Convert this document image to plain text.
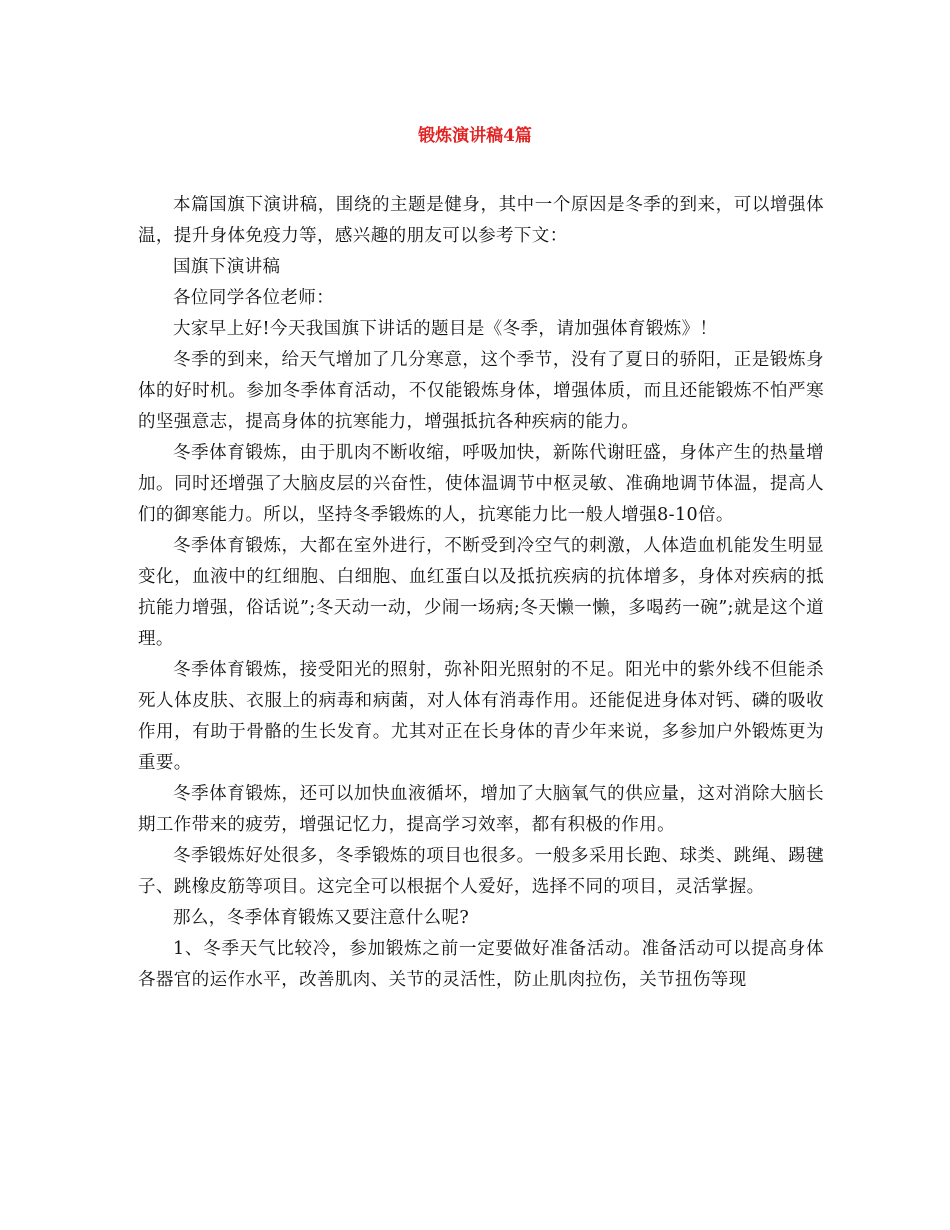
锻炼演讲稿4篇

本篇国旗下演讲稿，围绕的主题是健身，其中一个原因是冬季的到来，可以增强体温，提升身体免疫力等，感兴趣的朋友可以参考下文：

国旗下演讲稿

各位同学各位老师：

大家早上好!今天我国旗下讲话的题目是《冬季，请加强体育锻炼》！

冬季的到来，给天气增加了几分寒意，这个季节，没有了夏日的骄阳，正是锻炼身体的好时机。参加冬季体育活动，不仅能锻炼身体，增强体质，而且还能锻炼不怕严寒的坚强意志，提高身体的抗寒能力，增强抵抗各种疾病的能力。

冬季体育锻炼，由于肌肉不断收缩，呼吸加快，新陈代谢旺盛，身体产生的热量增加。同时还增强了大脑皮层的兴奋性，使体温调节中枢灵敏、准确地调节体温，提高人们的御寒能力。所以，坚持冬季锻炼的人，抗寒能力比一般人增强8-10倍。

冬季体育锻炼，大都在室外进行，不断受到冷空气的刺激，人体造血机能发生明显变化，血液中的红细胞、白细胞、血红蛋白以及抵抗疾病的抗体增多，身体对疾病的抵抗能力增强，俗话说”;冬天动一动，少闹一场病;冬天懒一懒，多喝药一碗”;就是这个道理。

冬季体育锻炼，接受阳光的照射，弥补阳光照射的不足。阳光中的紫外线不但能杀死人体皮肤、衣服上的病毒和病菌，对人体有消毒作用。还能促进身体对钙、磷的吸收作用，有助于骨骼的生长发育。尤其对正在长身体的青少年来说，多参加户外锻炼更为重要。

冬季体育锻炼，还可以加快血液循坏，增加了大脑氧气的供应量，这对消除大脑长期工作带来的疲劳，增强记忆力，提高学习效率，都有积极的作用。

冬季锻炼好处很多，冬季锻炼的项目也很多。一般多采用长跑、球类、跳绳、踢毽子、跳橡皮筋等项目。这完全可以根据个人爱好，选择不同的项目，灵活掌握。

那么，冬季体育锻炼又要注意什么呢?

1、冬季天气比较冷，参加锻炼之前一定要做好准备活动。准备活动可以提高身体各器官的运作水平，改善肌肉、关节的灵活性，防止肌肉拉伤，关节扭伤等现
